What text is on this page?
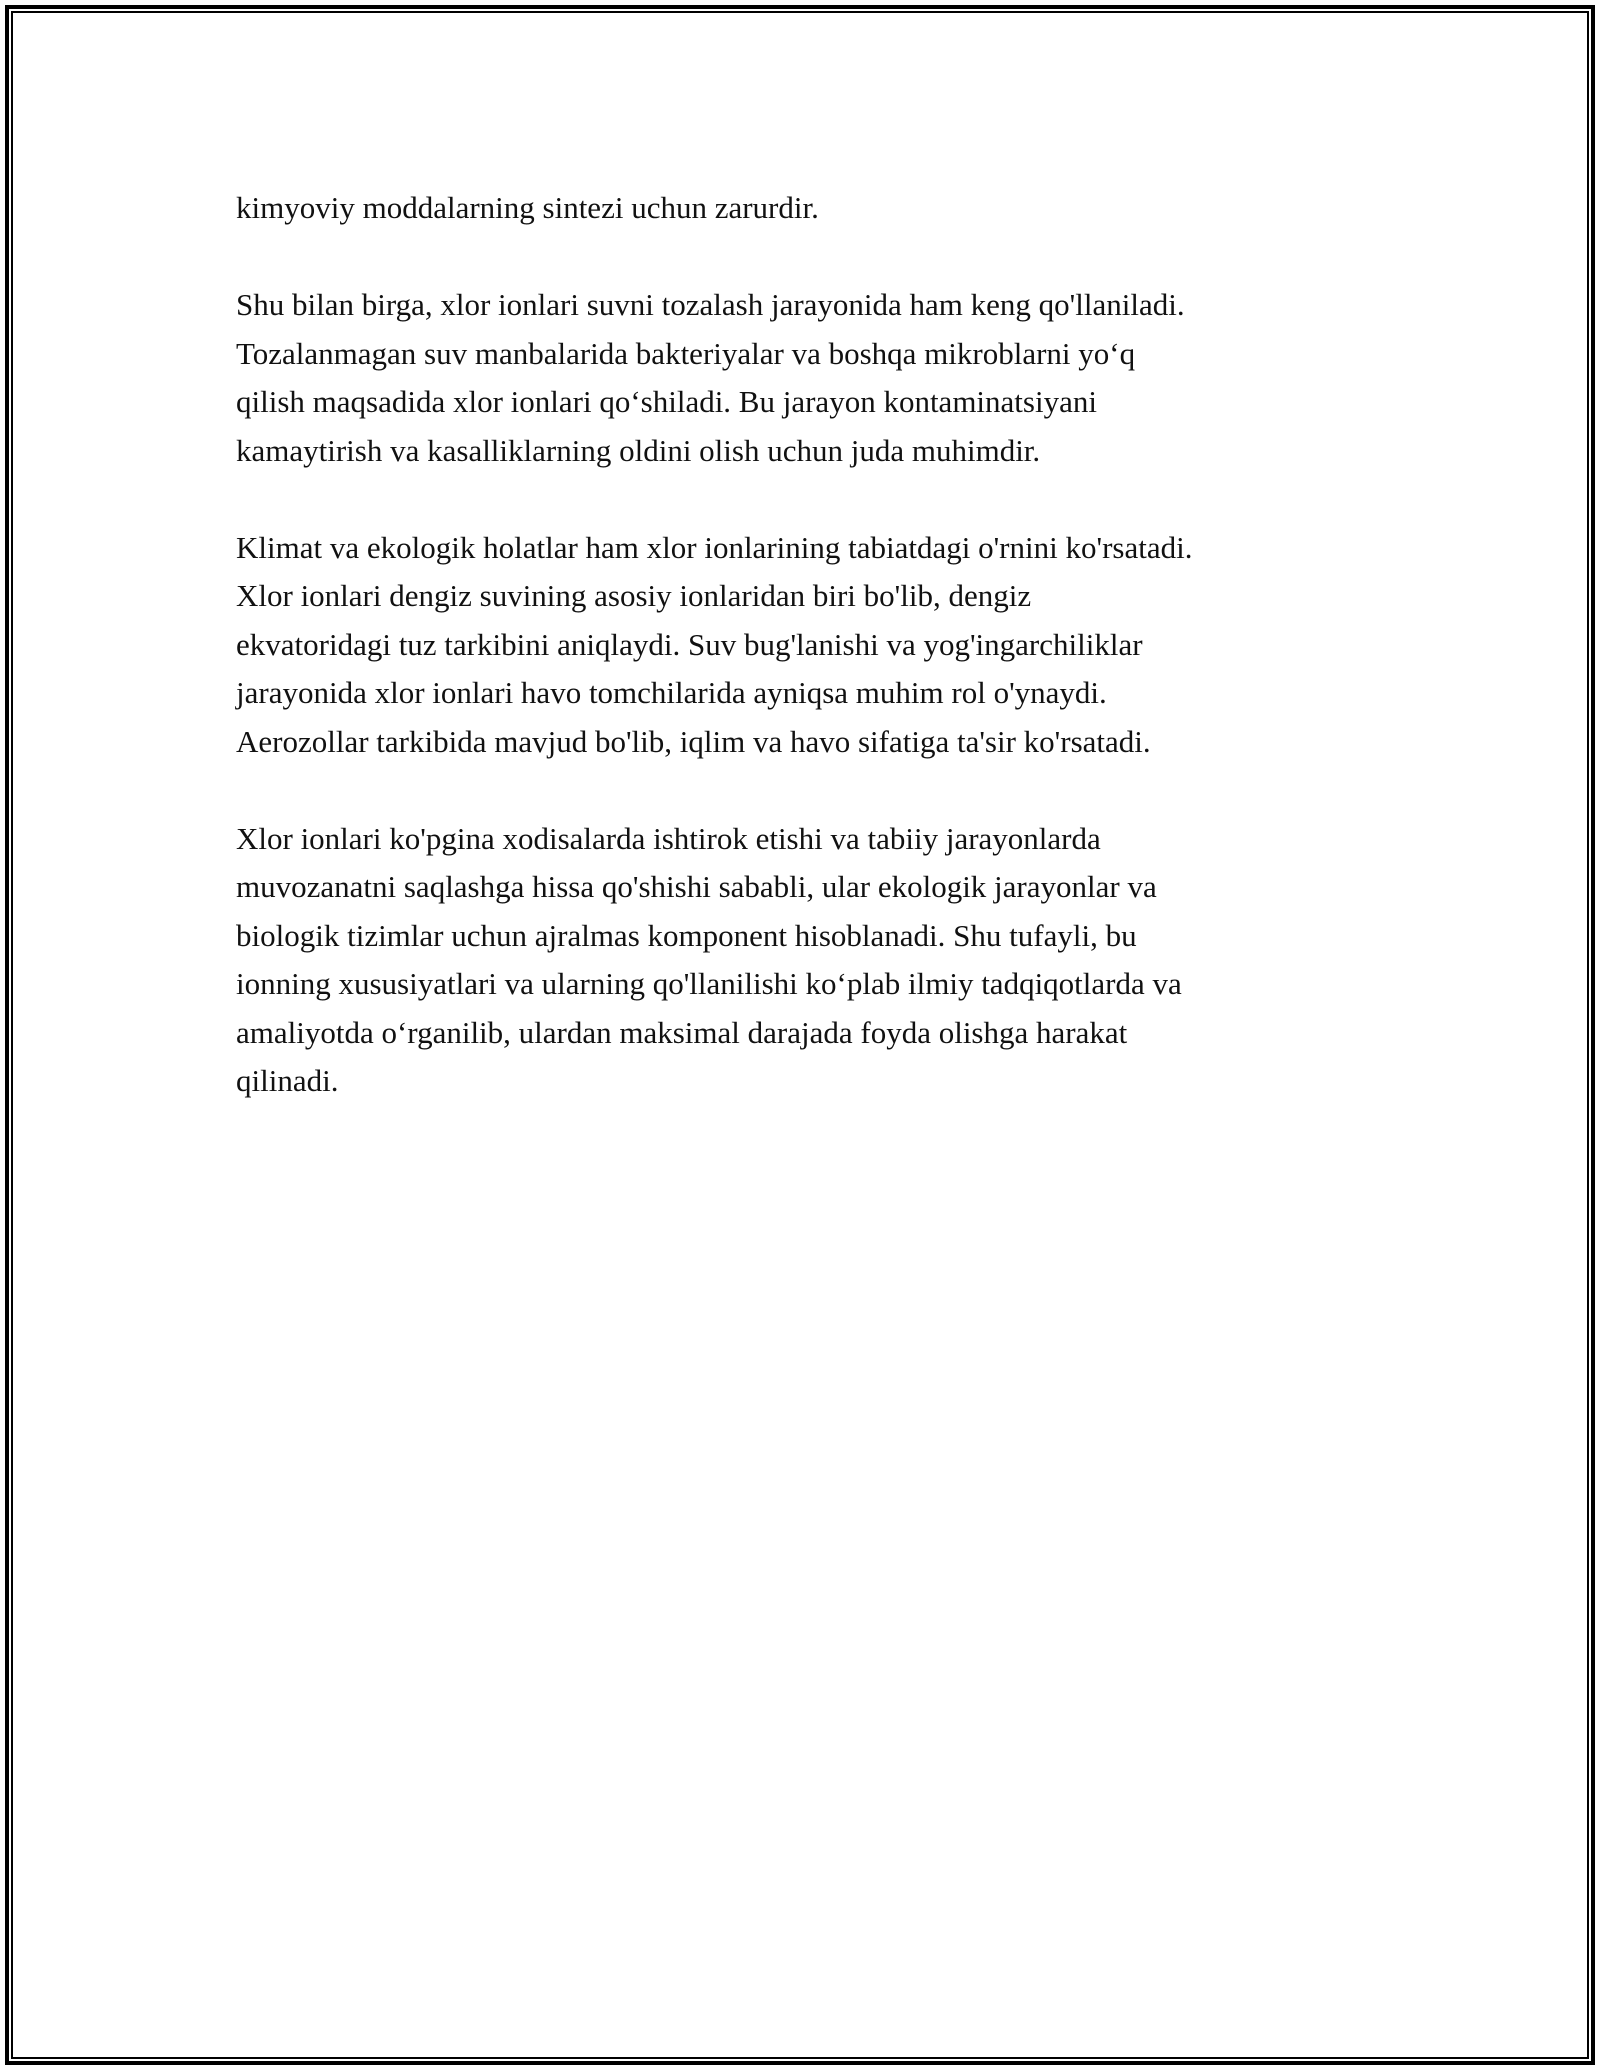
kimyoviy moddalarning sintezi uchun zarurdir.
Shu bilan birga, xlor ionlari suvni tozalash jarayonida ham keng qo'llaniladi.
Tozalanmagan suv manbalarida bakteriyalar va boshqa mikroblarni yo‘q
qilish maqsadida xlor ionlari qo‘shiladi. Bu jarayon kontaminatsiyani
kamaytirish va kasalliklarning oldini olish uchun juda muhimdir.
Klimat va ekologik holatlar ham xlor ionlarining tabiatdagi o'rnini ko'rsatadi.
Xlor ionlari dengiz suvining asosiy ionlaridan biri bo'lib, dengiz
ekvatoridagi tuz tarkibini aniqlaydi. Suv bug'lanishi va yog'ingarchiliklar
jarayonida xlor ionlari havo tomchilarida ayniqsa muhim rol o'ynaydi.
Aerozollar tarkibida mavjud bo'lib, iqlim va havo sifatiga ta'sir ko'rsatadi.
Xlor ionlari ko'pgina xodisalarda ishtirok etishi va tabiiy jarayonlarda
muvozanatni saqlashga hissa qo'shishi sababli, ular ekologik jarayonlar va
biologik tizimlar uchun ajralmas komponent hisoblanadi. Shu tufayli, bu
ionning xususiyatlari va ularning qo'llanilishi ko‘plab ilmiy tadqiqotlarda va
amaliyotda o‘rganilib, ulardan maksimal darajada foyda olishga harakat
qilinadi.
